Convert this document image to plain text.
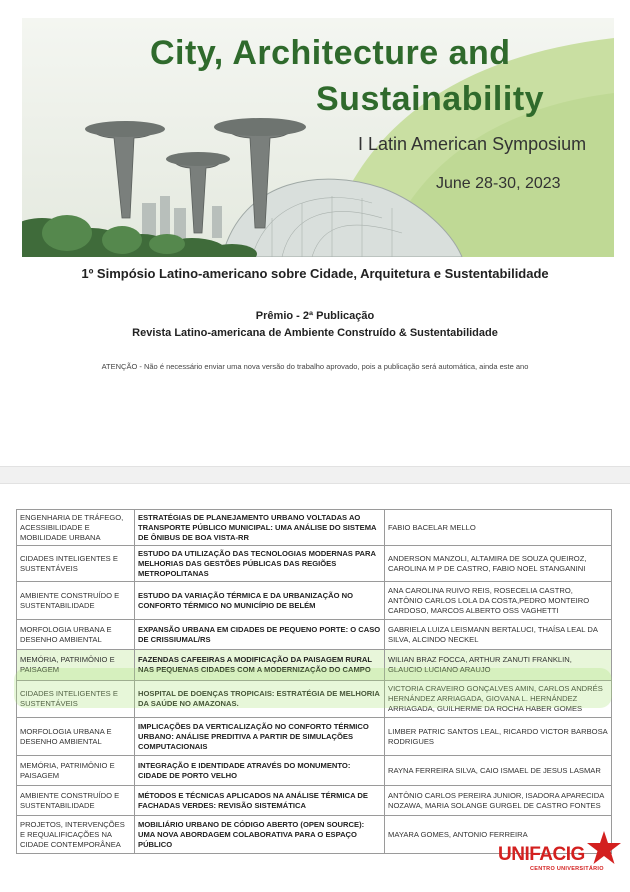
City, Architecture and
Sustainability
I Latin American Symposium
June 28-30, 2023
1º Simpósio Latino-americano sobre Cidade, Arquitetura e Sustentabilidade
Prêmio - 2ª Publicação
Revista Latino-americana de Ambiente Construído & Sustentabilidade
ATENÇÃO - Não é necessário enviar uma nova versão do trabalho aprovado, pois a publicação será automática, ainda este ano
ENGENHARIA DE TRÁFEGO, ACESSIBILIDADE E MOBILIDADE URBANA	ESTRATÉGIAS DE PLANEJAMENTO URBANO VOLTADAS AO TRANSPORTE PÚBLICO MUNICIPAL: UMA ANÁLISE DO SISTEMA DE ÔNIBUS DE BOA VISTA-RR	FABIO BACELAR MELLO
CIDADES INTELIGENTES E SUSTENTÁVEIS	ESTUDO DA UTILIZAÇÃO DAS TECNOLOGIAS MODERNAS PARA MELHORIAS DAS GESTÕES PÚBLICAS DAS REGIÕES METROPOLITANAS	ANDERSON MANZOLI, ALTAMIRA DE SOUZA QUEIROZ, CAROLINA M P DE CASTRO, FABIO NOEL STANGANINI
AMBIENTE CONSTRUÍDO E SUSTENTABILIDADE	ESTUDO DA VARIAÇÃO TÉRMICA E DA URBANIZAÇÃO NO CONFORTO TÉRMICO NO MUNICÍPIO DE BELÉM	ANA CAROLINA RUIVO REIS, ROSECELIA CASTRO, ANTÔNIO CARLOS LOLA DA COSTA,PEDRO MONTEIRO CARDOSO, MARCOS ALBERTO OSS VAGHETTI
MORFOLOGIA URBANA E DESENHO AMBIENTAL	EXPANSÃO URBANA EM CIDADES DE PEQUENO PORTE: O CASO DE CRISSIUMAL/RS	GABRIELA LUIZA LEISMANN BERTALUCI, THAÍSA LEAL DA SILVA, ALCINDO NECKEL
MEMÓRIA, PATRIMÔNIO E PAISAGEM	FAZENDAS CAFEEIRAS A MODIFICAÇÃO DA PAISAGEM RURAL NAS PEQUENAS CIDADES COM A MODERNIZAÇÃO DO CAMPO	WILIAN BRAZ FOCCA, ARTHUR ZANUTI FRANKLIN, GLAUCIO LUCIANO ARAUJO
CIDADES INTELIGENTES E SUSTENTÁVEIS	HOSPITAL DE DOENÇAS TROPICAIS: ESTRATÉGIA DE MELHORIA DA SAÚDE NO AMAZONAS.	VICTORIA CRAVEIRO GONÇALVES AMIN, CARLOS ANDRÉS HERNÁNDEZ ARRIAGADA, GIOVANA L. HERNÁNDEZ ARRIAGADA, GUILHERME DA ROCHA HABER GOMES
MORFOLOGIA URBANA E DESENHO AMBIENTAL	IMPLICAÇÕES DA VERTICALIZAÇÃO NO CONFORTO TÉRMICO URBANO: ANÁLISE PREDITIVA A PARTIR DE SIMULAÇÕES COMPUTACIONAIS	LIMBER PATRIC SANTOS LEAL, RICARDO VICTOR BARBOSA RODRIGUES
MEMÓRIA, PATRIMÔNIO E PAISAGEM	INTEGRAÇÃO E IDENTIDADE ATRAVÉS DO MONUMENTO: CIDADE DE PORTO VELHO	RAYNA FERREIRA SILVA, CAIO ISMAEL DE JESUS LASMAR
AMBIENTE CONSTRUÍDO E SUSTENTABILIDADE	MÉTODOS E TÉCNICAS APLICADOS NA ANÁLISE TÉRMICA DE FACHADAS VERDES: REVISÃO SISTEMÁTICA	ANTÔNIO CARLOS PEREIRA JUNIOR, ISADORA APARECIDA NOZAWA, MARIA SOLANGE GURGEL DE CASTRO FONTES
PROJETOS, INTERVENÇÕES E REQUALIFICAÇÕES NA CIDADE CONTEMPORÂNEA	MOBILIÁRIO URBANO DE CÓDIGO ABERTO (OPEN SOURCE): UMA NOVA ABORDAGEM COLABORATIVA PARA O ESPAÇO PÚBLICO	MAYARA GOMES, ANTONIO FERREIRA
UNIFACIG
CENTRO UNIVERSITÁRIO
